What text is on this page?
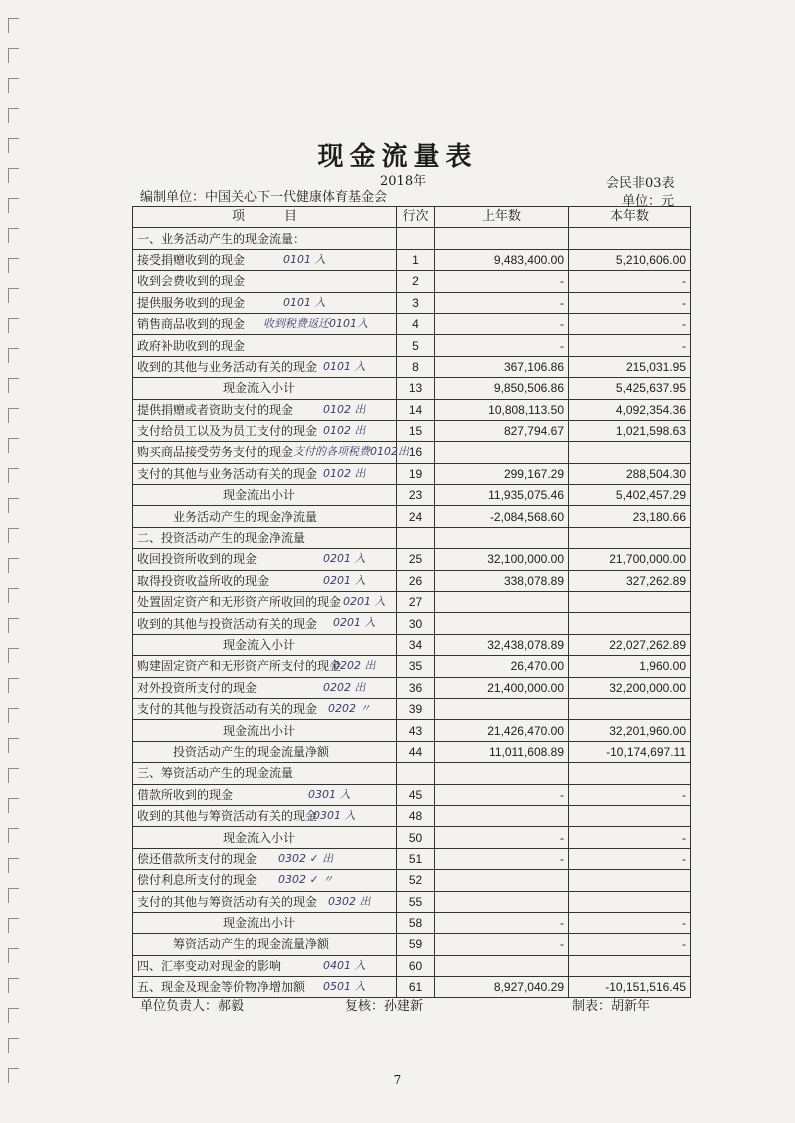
现金流量表
2018年	会民非03表
编制单位：中国关心下一代健康体育基金会	单位：元
项　　　目	行次	上年数	本年数
一、业务活动产生的现金流量：			
接受捐赠收到的现金 0101 入	1	9,483,400.00	5,210,606.00
收到会费收到的现金	2	-	-
提供服务收到的现金 0101 入	3	-	-
销售商品收到的现金 收到税费返还0101入	4	-	-
政府补助收到的现金	5	-	-
收到的其他与业务活动有关的现金 0101 入	8	367,106.86	215,031.95
现金流入小计	13	9,850,506.86	5,425,637.95
提供捐赠或者资助支付的现金 0102 出	14	10,808,113.50	4,092,354.36
支付给员工以及为员工支付的现金 0102 出	15	827,794.67	1,021,598.63
购买商品接受劳务支付的现金 支付的各项税费0102出	16		
支付的其他与业务活动有关的现金 0102 出	19	299,167.29	288,504.30
现金流出小计	23	11,935,075.46	5,402,457.29
业务活动产生的现金净流量	24	-2,084,568.60	23,180.66
二、投资活动产生的现金净流量			
收回投资所收到的现金 0201 入	25	32,100,000.00	21,700,000.00
取得投资收益所收的现金 0201 入	26	338,078.89	327,262.89
处置固定资产和无形资产所收回的现金 0201 入	27		
收到的其他与投资活动有关的现金 0201 入	30		
现金流入小计	34	32,438,078.89	22,027,262.89
购建固定资产和无形资产所支付的现金
0202 出	35	26,470.00	1,960.00
对外投资所支付的现金 0202 出	36	21,400,000.00	32,200,000.00
支付的其他与投资活动有关的现金 0202 〃	39		
现金流出小计	43	21,426,470.00	32,201,960.00
投资活动产生的现金流量净额	44	11,011,608.89	-10,174,697.11
三、筹资活动产生的现金流量			
借款所收到的现金 0301 入	45	-	-
收到的其他与筹资活动有关的现金
0301 入	48		
现金流入小计	50	-	-
偿还借款所支付的现金 0302 ✓ 出	51	-	-
偿付利息所支付的现金 0302 ✓ 〃	52		
支付的其他与筹资活动有关的现金 0302 出	55		
现金流出小计	58	-	-
筹资活动产生的现金流量净额	59	-	-
四、汇率变动对现金的影响 0401 入	60		
五、现金及现金等价物净增加额 0501 入	61	8,927,040.29	-10,151,516.45
单位负责人：郝毅	复核：孙建新	制表：胡新年
7
